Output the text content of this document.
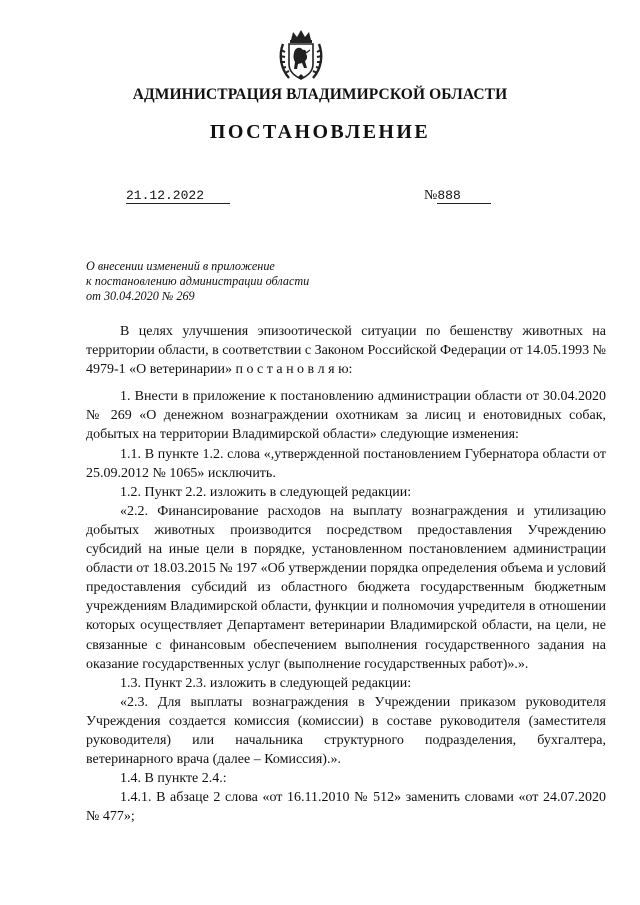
АДМИНИСТРАЦИЯ ВЛАДИМИРСКОЙ ОБЛАСТИ
ПОСТАНОВЛЕНИЕ
21.12.2022	№888
О внесении изменений в приложение
к постановлению администрации области
от 30.04.2020 № 269

В целях улучшения эпизоотической ситуации по бешенству животных на территории области, в соответствии с Законом Российской Федерации от 14.05.1993 № 4979-1 «О ветеринарии» п о с т а н о в л я ю:

1. Внести в приложение к постановлению администрации области от 30.04.2020 № 269 «О денежном вознаграждении охотникам за лисиц и енотовидных собак, добытых на территории Владимирской области» следующие изменения:

1.1. В пункте 1.2. слова «,утвержденной постановлением Губернатора области от 25.09.2012 № 1065» исключить.

1.2. Пункт 2.2. изложить в следующей редакции:

«2.2. Финансирование расходов на выплату вознаграждения и утилизацию добытых животных производится посредством предоставления Учреждению субсидий на иные цели в порядке, установленном постановлением администрации области от 18.03.2015 № 197 «Об утверждении порядка определения объема и условий предоставления субсидий из областного бюджета государственным бюджетным учреждениям Владимирской области, функции и полномочия учредителя в отношении которых осуществляет Департамент ветеринарии Владимирской области, на цели, не связанные с финансовым обеспечением выполнения государственного задания на оказание государственных услуг (выполнение государственных работ)».».

1.3. Пункт 2.3. изложить в следующей редакции:

«2.3. Для выплаты вознаграждения в Учреждении приказом руководителя Учреждения создается комиссия (комиссии) в составе руководителя (заместителя руководителя) или начальника структурного подразделения, бухгалтера, ветеринарного врача (далее – Комиссия).».

1.4. В пункте 2.4.:

1.4.1. В абзаце 2 слова «от 16.11.2010 № 512» заменить словами «от 24.07.2020 № 477»;
